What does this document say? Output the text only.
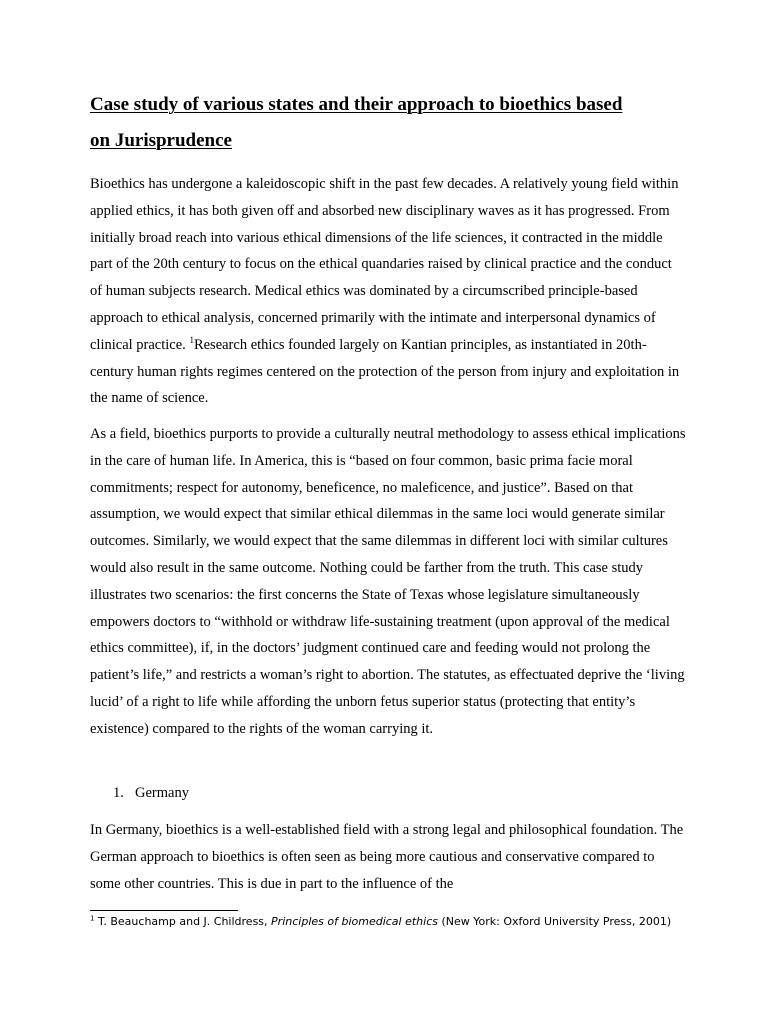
Case study of various states and their approach to bioethics based
on Jurisprudence

Bioethics has undergone a kaleidoscopic shift in the past few decades. A relatively young field within applied ethics, it has both given off and absorbed new disciplinary waves as it has progressed. From initially broad reach into various ethical dimensions of the life sciences, it contracted in the middle part of the 20th century to focus on the ethical quandaries raised by clinical practice and the conduct of human subjects research. Medical ethics was dominated by a circumscribed principle-based approach to ethical analysis, concerned primarily with the intimate and interpersonal dynamics of clinical practice. $^1$Research ethics founded largely on Kantian principles, as instantiated in 20th-century human rights regimes centered on the protection of the person from injury and exploitation in the name of science.

As a field, bioethics purports to provide a culturally neutral methodology to assess ethical implications in the care of human life. In America, this is “based on four common, basic prima facie moral commitments; respect for autonomy, beneficence, no maleficence, and justice”. Based on that assumption, we would expect that similar ethical dilemmas in the same loci would generate similar outcomes. Similarly, we would expect that the same dilemmas in different loci with similar cultures would also result in the same outcome. Nothing could be farther from the truth. This case study illustrates two scenarios: the first concerns the State of Texas whose legislature simultaneously empowers doctors to “withhold or withdraw life-sustaining treatment (upon approval of the medical ethics committee), if, in the doctors’ judgment continued care and feeding would not prolong the patient’s life,” and restricts a woman’s right to abortion. The statutes, as effectuated deprive the ‘living lucid’ of a right to life while affording the unborn fetus superior status (protecting that entity’s existence) compared to the rights of the woman carrying it.

1. Germany

In Germany, bioethics is a well-established field with a strong legal and philosophical foundation. The German approach to bioethics is often seen as being more cautious and conservative compared to some other countries. This is due in part to the influence of the

$^1$ T. Beauchamp and J. Childress, Principles of biomedical ethics (New York: Oxford University Press, 2001)
